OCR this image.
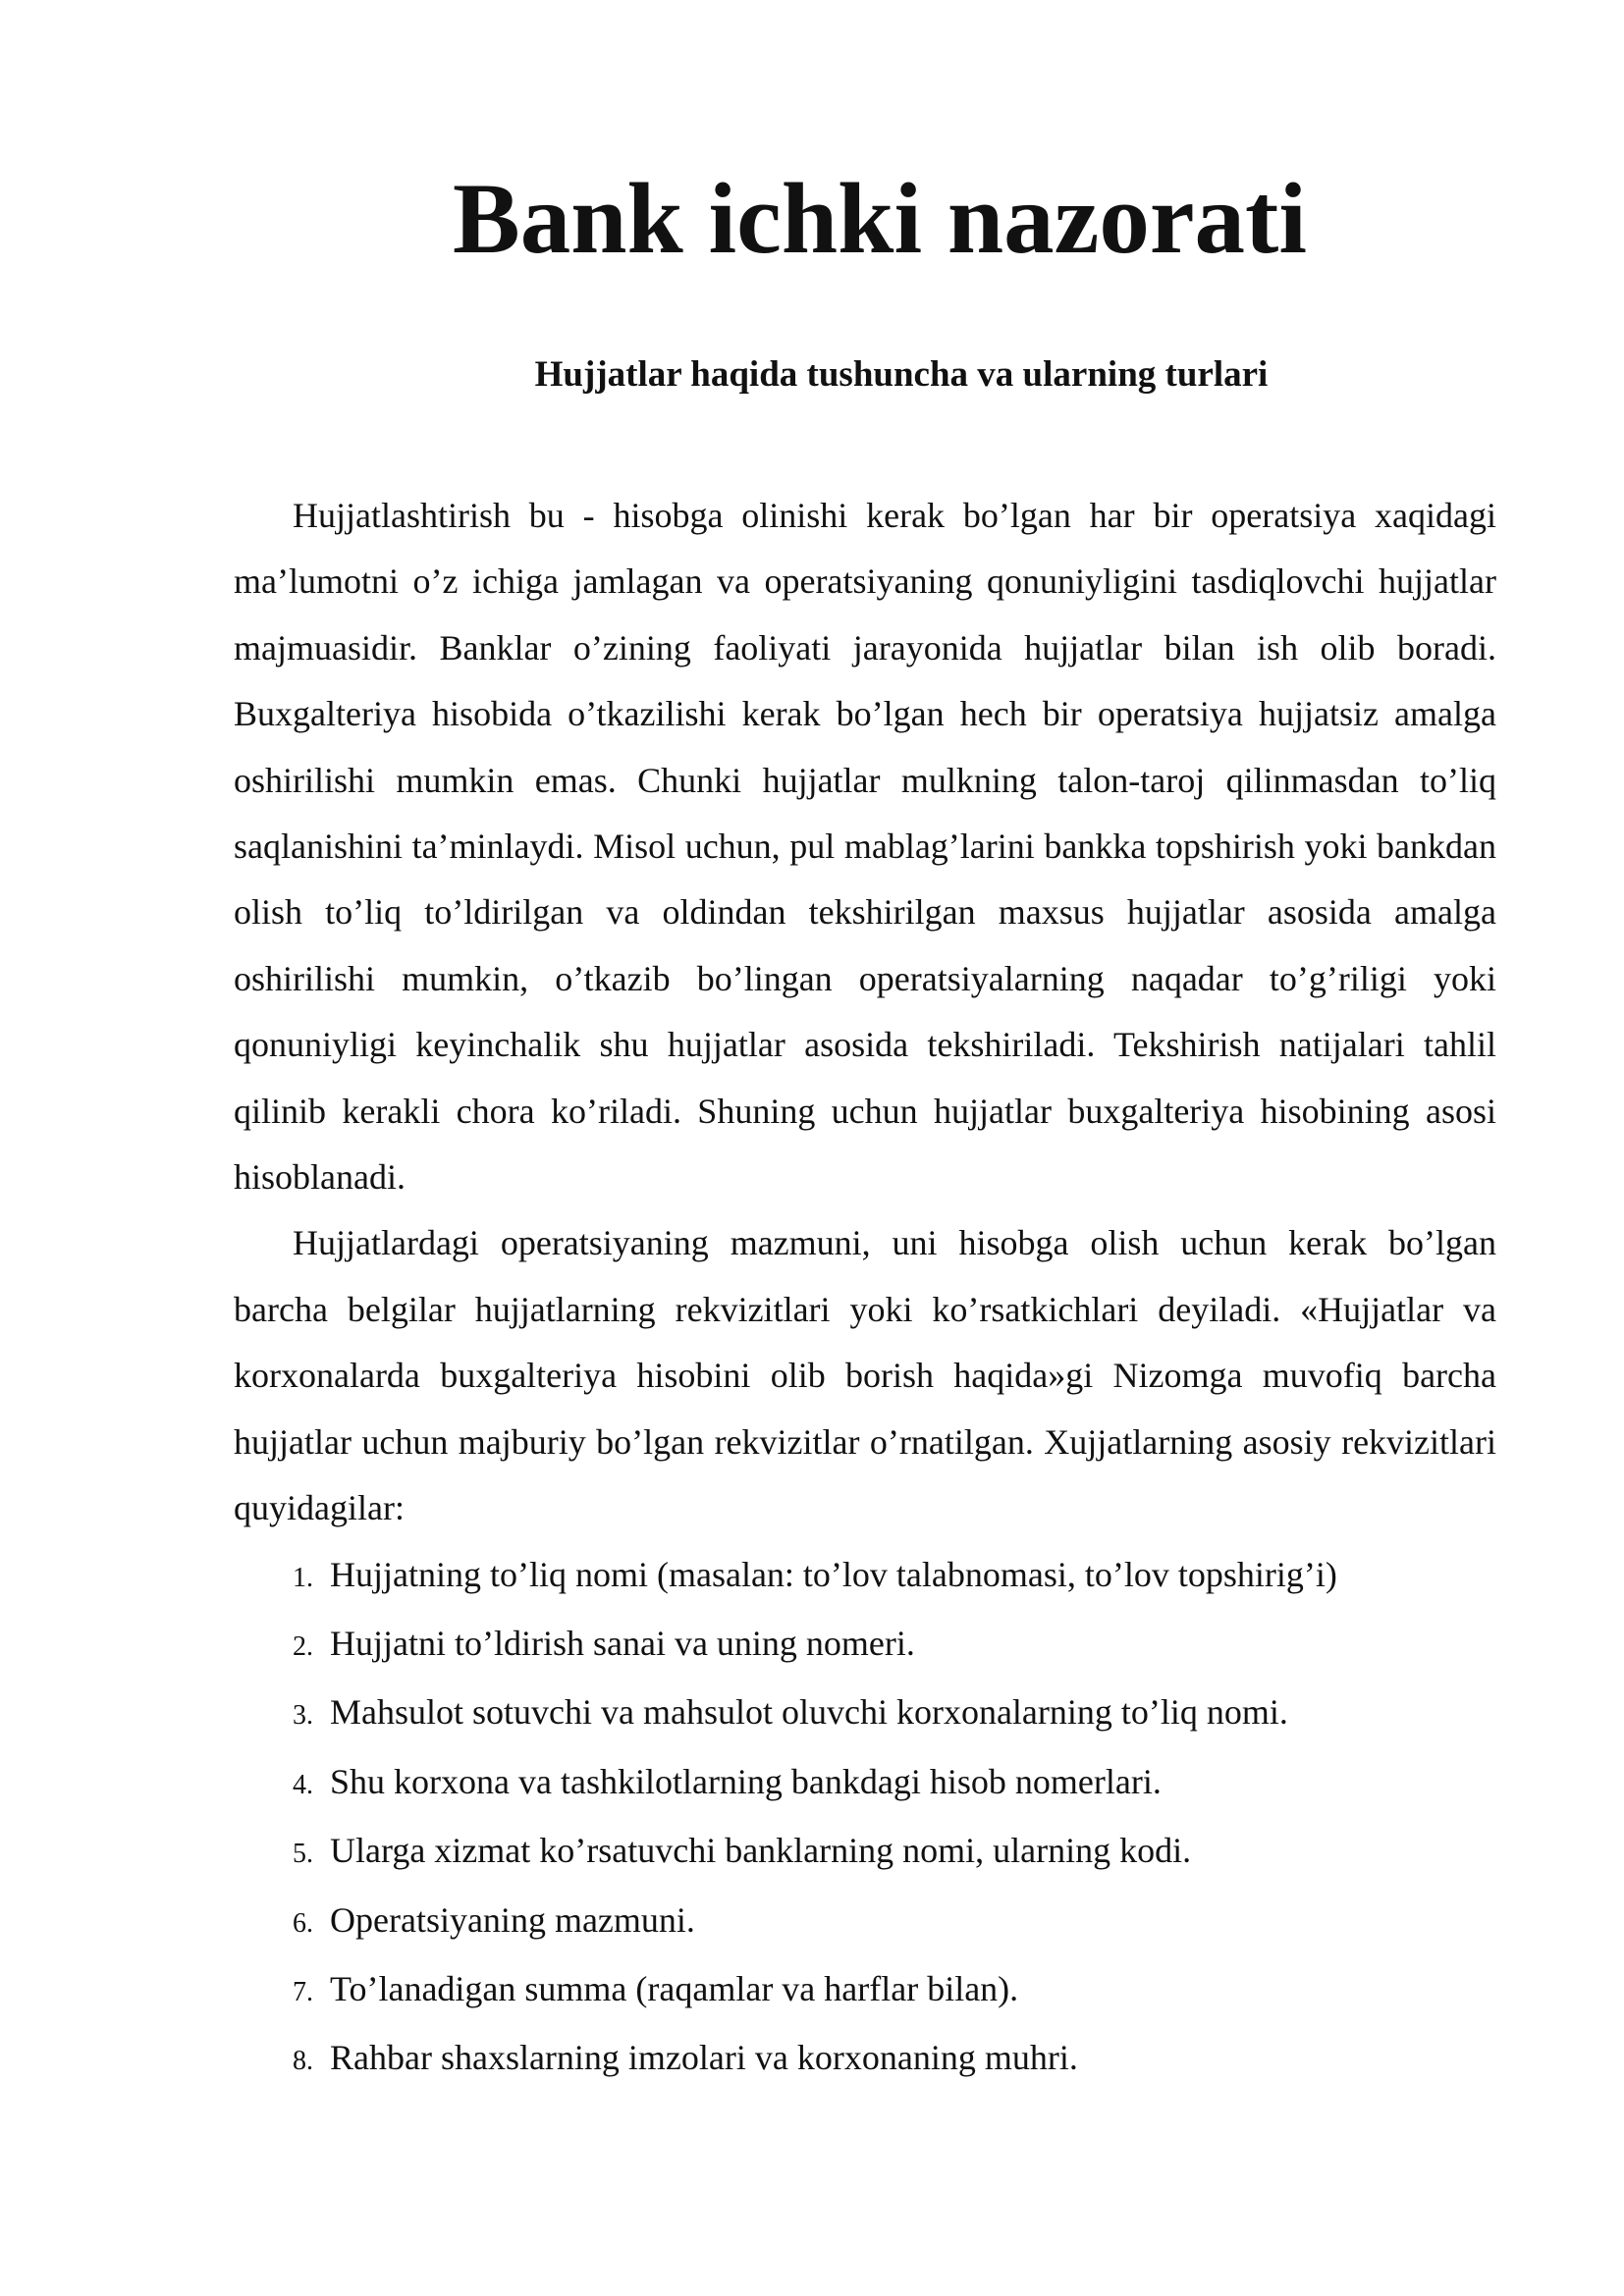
Bank ichki nazorati
Hujjatlar haqida tushuncha va ularning turlari

Hujjatlashtirish bu - hisobga olinishi kerak bo’lgan har bir operatsiya xaqidagi ma’lumotni o’z ichiga jamlagan va operatsiyaning qonuniyligini tasdiqlovchi hujjatlar majmuasidir. Banklar o’zining faoliyati jarayonida hujjatlar bilan ish olib boradi. Buxgalteriya hisobida o’tkazilishi kerak bo’lgan hech bir operatsiya hujjatsiz amalga oshirilishi mumkin emas. Chunki hujjatlar mulkning talon-taroj qilinmasdan to’liq saqlanishini ta’minlaydi. Misol uchun, pul mablag’larini bankka topshirish yoki bankdan olish to’liq to’ldirilgan va oldindan tekshirilgan maxsus hujjatlar asosida amalga oshirilishi mumkin, o’tkazib bo’lingan operatsiyalarning naqadar to’g’riligi yoki qonuniyligi keyinchalik shu hujjatlar asosida tekshiriladi. Tekshirish natijalari tahlil qilinib kerakli chora ko’riladi. Shuning uchun hujjatlar buxgalteriya hisobining asosi hisoblanadi.

Hujjatlardagi operatsiyaning mazmuni, uni hisobga olish uchun kerak bo’lgan barcha belgilar hujjatlarning rekvizitlari yoki ko’rsatkichlari deyiladi. «Hujjatlar va korxonalarda buxgalteriya hisobini olib borish haqida»gi Nizomga muvofiq barcha hujjatlar uchun majburiy bo’lgan rekvizitlar o’rnatilgan. Xujjatlarning asosiy rekvizitlari quyidagilar:

1. Hujjatning to’liq nomi (masalan: to’lov talabnomasi, to’lov topshirig’i)
2. Hujjatni to’ldirish sanai va uning nomeri.
3. Mahsulot sotuvchi va mahsulot oluvchi korxonalarning to’liq nomi.
4. Shu korxona va tashkilotlarning bankdagi hisob nomerlari.
5. Ularga xizmat ko’rsatuvchi banklarning nomi, ularning kodi.
6. Operatsiyaning mazmuni.
7. To’lanadigan summa (raqamlar va harflar bilan).
8. Rahbar shaxslarning imzolari va korxonaning muhri.
